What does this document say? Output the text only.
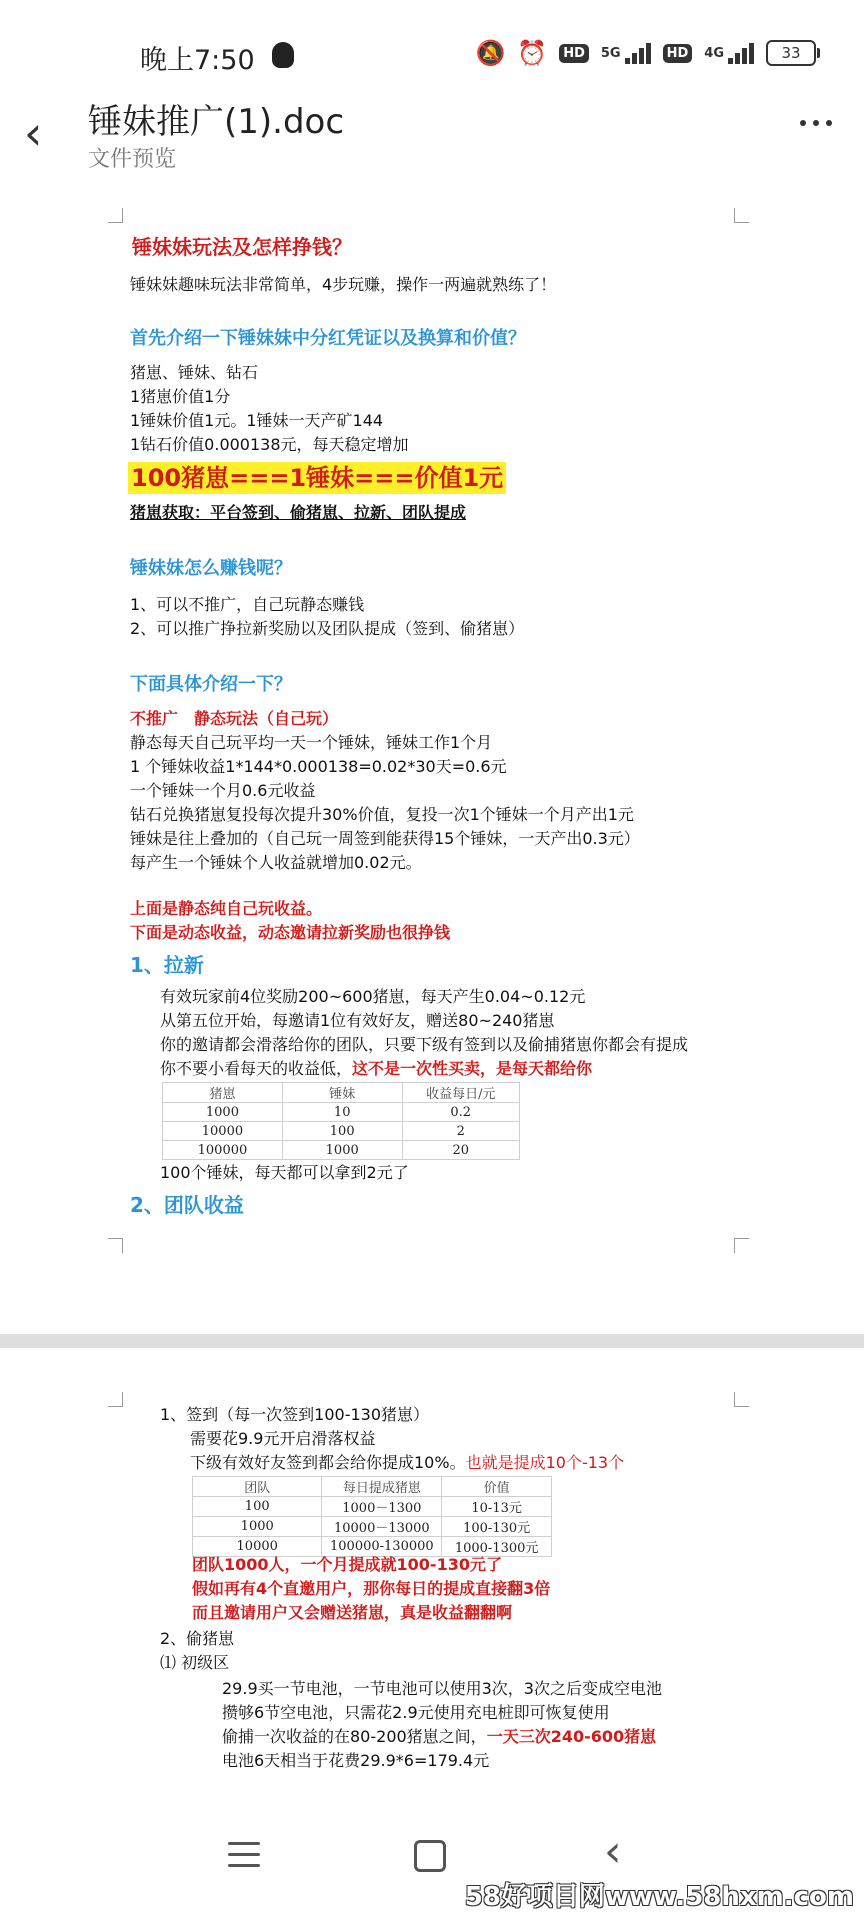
晚上7:50	🔕 ⏰	HD	5G	HD	4G	33
‹ 锤妹推广(1).doc
文件预览
锤妹妹玩法及怎样挣钱？
锤妹妹趣味玩法非常简单，4步玩赚，操作一两遍就熟练了！
首先介绍一下锤妹妹中分红凭证以及换算和价值？
猪崽、锤妹、钻石
1猪崽价值1分
1锤妹价值1元。1锤妹一天产矿144
1钻石价值0.000138元，每天稳定增加
100猪崽===1锤妹===价值1元
猪崽获取：平台签到、偷猪崽、拉新、团队提成
锤妹妹怎么赚钱呢？
1、可以不推广，自己玩静态赚钱
2、可以推广挣拉新奖励以及团队提成（签到、偷猪崽）
下面具体介绍一下？
不推广　静态玩法（自己玩）
静态每天自己玩平均一天一个锤妹，锤妹工作1个月
1 个锤妹收益1*144*0.000138=0.02*30天=0.6元
一个锤妹一个月0.6元收益
钻石兑换猪崽复投每次提升30%价值，复投一次1个锤妹一个月产出1元
锤妹是往上叠加的（自己玩一周签到能获得15个锤妹，一天产出0.3元）
每产生一个锤妹个人收益就增加0.02元。
上面是静态纯自己玩收益。
下面是动态收益，动态邀请拉新奖励也很挣钱
1、拉新
有效玩家前4位奖励200~600猪崽，每天产生0.04~0.12元
从第五位开始，每邀请1位有效好友，赠送80~240猪崽
你的邀请都会滑落给你的团队，只要下级有签到以及偷捕猪崽你都会有提成
你不要小看每天的收益低，这不是一次性买卖，是每天都给你
猪崽	锤妹	收益每日/元
1000	10	0.2
10000	100	2
100000	1000	20
100个锤妹，每天都可以拿到2元了
2、团队收益
1、签到（每一次签到100-130猪崽）
需要花9.9元开启滑落权益
下级有效好友签到都会给你提成10%。也就是提成10个-13个
团队	每日提成猪崽	价值
100	1000－1300	10-13元
1000	10000－13000	100-130元
10000	100000-130000	1000-1300元
团队1000人，一个月提成就100-130元了
假如再有4个直邀用户，那你每日的提成直接翻3倍
而且邀请用户又会赠送猪崽，真是收益翻翻啊
2、偷猪崽
⑴ 初级区
29.9买一节电池，一节电池可以使用3次，3次之后变成空电池
攒够6节空电池，只需花2.9元使用充电桩即可恢复使用
偷捕一次收益的在80-200猪崽之间，一天三次240-600猪崽
电池6天相当于花费29.9*6=179.4元
‹
58好项目网www.58hxm.com
